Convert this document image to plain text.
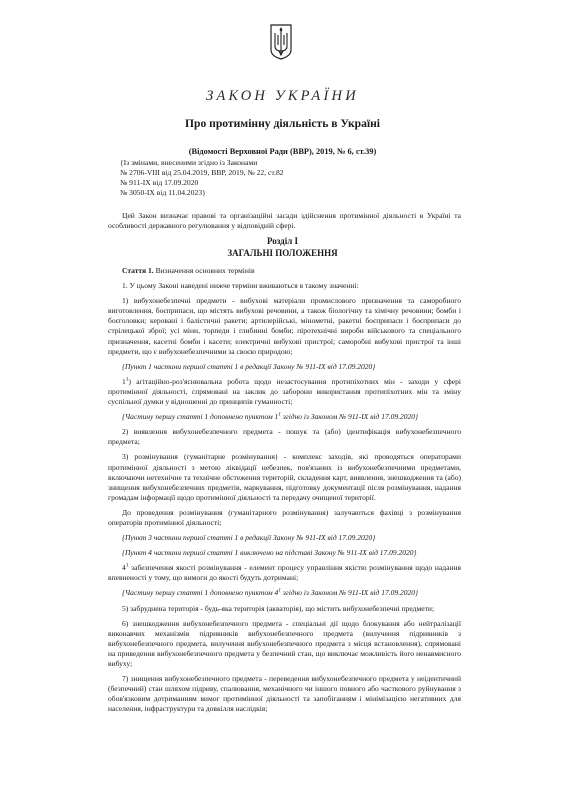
ЗАКОН УКРАЇНИ
Про протимінну діяльність в Україні
(Відомості Верховної Ради (ВВР), 2019, № 6, ст.39)
{Із змінами, внесеними згідно із Законами
№ 2706-VIII від 25.04.2019, ВВР, 2019, № 22, ст.82
№ 911-IX від 17.09.2020
№ 3050-IX від 11.04.2023}

Цей Закон визначає правові та організаційні засади здійснення протимінної діяльності в Україні та особливості державного регулювання у відповідній сфері.

Розділ I
ЗАГАЛЬНІ ПОЛОЖЕННЯ

Стаття 1. Визначення основних термінів

1. У цьому Законі наведені нижче терміни вживаються в такому значенні:

1) вибухонебезпечні предмети - вибухові матеріали промислового призначення та саморобного виготовлення, боєприпаси, що містять вибухові речовини, а також біологічну та хімічну речовини; бомби і боєголовки; керовані і балістичні ракети; артилерійські, мінометні, ракетні боєприпаси і боєприпаси до стрілецької зброї; усі міни, торпеди і глибинні бомби; піротехнічні вироби військового та спеціального призначення, касетні бомби і касети; електричні вибухові пристрої; саморобні вибухові пристрої та інші предмети, що є вибухонебезпечними за своєю природою;

{Пункт 1 частини першої статті 1 в редакції Закону № 911-IX від 17.09.2020}

$1^1$) агітаційно-роз'яснювальна робота щодо незастосування протипіхотних мін - заходи у сфері протимінної діяльності, спрямовані на заклик до заборони використання протипіхотних мін та зміну суспільної думки у відношенні до принципів гуманності;

{Частину першу статті 1 доповнено пунктом $1^1$ згідно із Законом № 911-IX від 17.09.2020}

2) виявлення вибухонебезпечного предмета - пошук та (або) ідентифікація вибухонебезпечного предмета;

3) розмінування (гуманітарне розмінування) - комплекс заходів, які проводяться операторами протимінної діяльності з метою ліквідації небезпек, пов'язаних із вибухонебезпечними предметами, включаючи нетехнічне та технічне обстеження територій, складення карт, виявлення, знешкодження та (або) знищення вибухонебезпечних предметів, маркування, підготовку документації після розмінування, надання громадам інформації щодо протимінної діяльності та передачу очищеної території.

До проведення розмінування (гуманітарного розмінування) залучаються фахівці з розмінування операторів протимінної діяльності;

{Пункт 3 частини першої статті 1 в редакції Закону № 911-IX від 17.09.2020}

{Пункт 4 частини першої статті 1 виключено на підставі Закону № 911-IX від 17.09.2020}

$4^1$ забезпечення якості розмінування - елемент процесу управління якістю розмінування щодо надання впевненості у тому, що вимоги до якості будуть дотримані;

{Частину першу статті 1 доповнено пунктом $4^1$ згідно із Законом № 911-IX від 17.09.2020}

5) забруднена територія - будь-яка територія (акваторія), що містить вибухонебезпечні предмети;

6) знешкодження вибухонебезпечного предмета - спеціальні дії щодо блокування або нейтралізації виконавчих механізмів підривників вибухонебезпечного предмета (вилучення підривників з вибухонебезпечного предмета, вилучення вибухонебезпечного предмета з місця встановлення), спрямовані на приведення вибухонебезпечного предмета у безпечний стан, що виключає можливість його ненавмисного вибуху;

7) знищення вибухонебезпечного предмета - переведення вибухонебезпечного предмета у неідентичний (безпечний) стан шляхом підриву, спалювання, механічного чи іншого повного або часткового руйнування з обов'язковим дотриманням вимог протимінної діяльності та запобіганням і мінімізацією негативних для населення, інфраструктури та довкілля наслідків;
